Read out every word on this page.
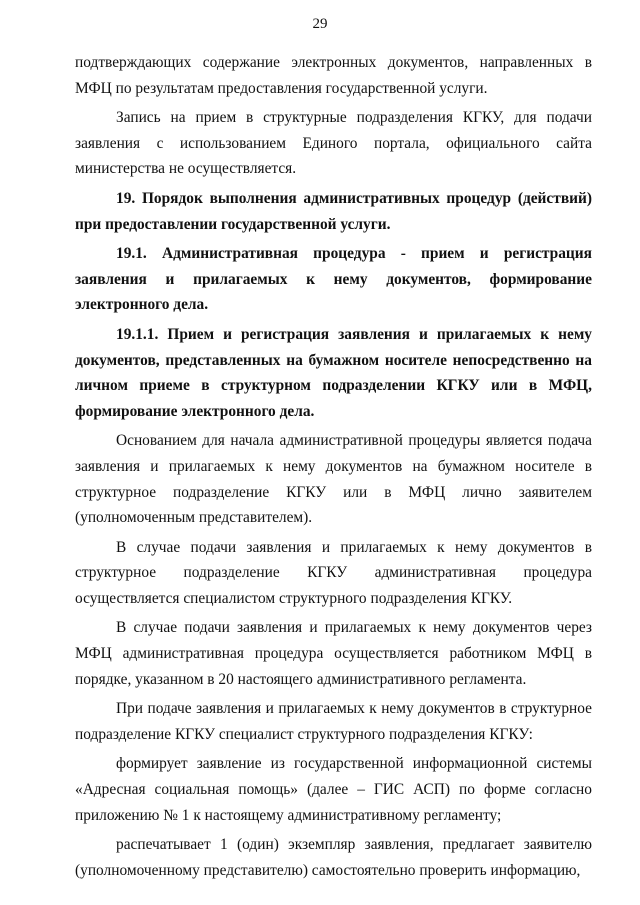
29

подтверждающих содержание электронных документов, направленных в МФЦ по результатам предоставления государственной услуги.

Запись на прием в структурные подразделения КГКУ, для подачи заявления с использованием Единого портала, официального сайта министерства не осуществляется.

19. Порядок выполнения административных процедур (действий) при предоставлении государственной услуги.

19.1. Административная процедура - прием и регистрация заявления и прилагаемых к нему документов, формирование электронного дела.

19.1.1. Прием и регистрация заявления и прилагаемых к нему документов, представленных на бумажном носителе непосредственно на личном приеме в структурном подразделении КГКУ или в МФЦ, формирование электронного дела.

Основанием для начала административной процедуры является подача заявления и прилагаемых к нему документов на бумажном носителе в структурное подразделение КГКУ или в МФЦ лично заявителем (уполномоченным представителем).

В случае подачи заявления и прилагаемых к нему документов в структурное подразделение КГКУ административная процедура осуществляется специалистом структурного подразделения КГКУ.

В случае подачи заявления и прилагаемых к нему документов через МФЦ административная процедура осуществляется работником МФЦ в порядке, указанном в 20 настоящего административного регламента.

При подаче заявления и прилагаемых к нему документов в структурное подразделение КГКУ специалист структурного подразделения КГКУ:

формирует заявление из государственной информационной системы «Адресная социальная помощь» (далее – ГИС АСП) по форме согласно приложению № 1 к настоящему административному регламенту;

распечатывает 1 (один) экземпляр заявления, предлагает заявителю (уполномоченному представителю) самостоятельно проверить информацию,
